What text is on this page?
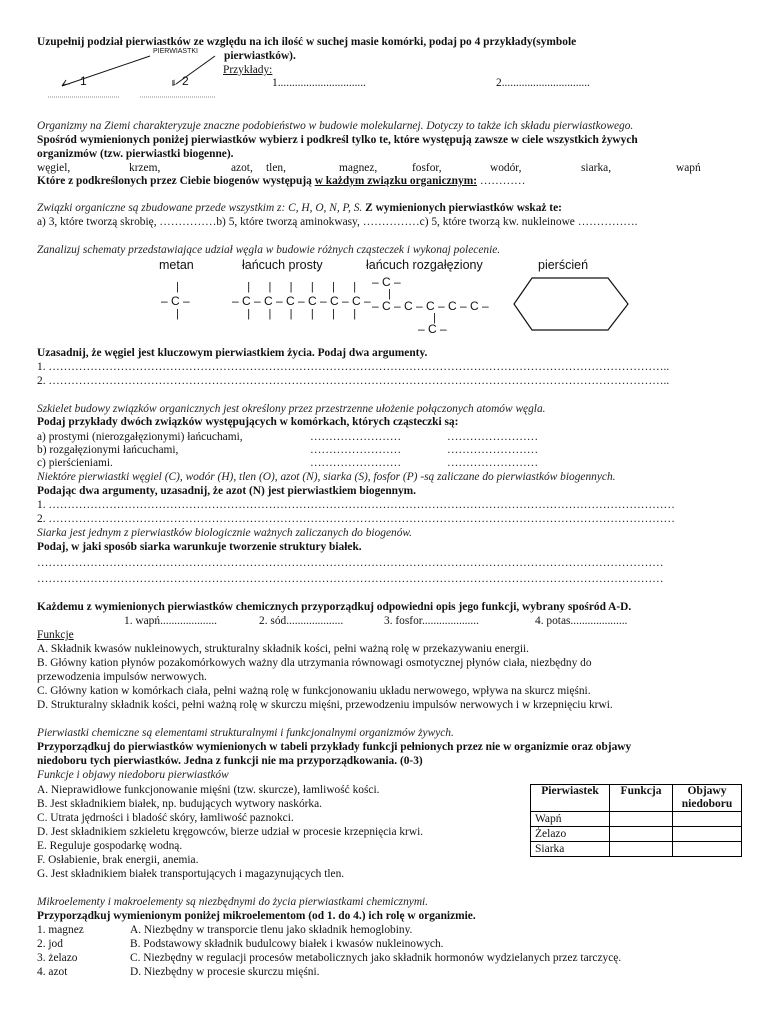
Uzupełnij podział pierwiastków ze względu na ich ilość w suchej masie komórki, podaj po 4 przykłady(symbole
PIERWIASTKI pierwiastków).
← 1	↓ 2
Przykłady:
1...............................	2...............................
Organizmy na Ziemi charakteryzuje znaczne podobieństwo w budowie molekularnej. Dotyczy to także ich składu pierwiastkowego.
Spośród wymienionych poniżej pierwiastków wybierz i podkreśl tylko te, które występują zawsze w ciele wszystkich żywych
organizmów (tzw. pierwiastki biogenne).
węgiel,	krzem,	azot, tlen,	magnez,	fosfor,	wodór,	siarka,	wapń
Które z podkreślonych przez Ciebie biogenów występują w każdym związku organicznym: …………
Związki organiczne są zbudowane przede wszystkim z: C, H, O, N, P, S. Z wymienionych pierwiastków wskaż te:
a) 3, które tworzą skrobię, ……………b) 5, które tworzą aminokwasy, ……………c) 5, które tworzą kw. nukleinowe …………….
Zanalizuj schematy przedstawiające udział węgla w budowie różnych cząsteczek i wykonaj polecenie.
metan	łańcuch prosty	łańcuch rozgałęziony	pierścień
|
– C –
|
|      |      |      |      |      |
– C – C – C – C – C – C –
|      |      |      |      |      |
– C –
|
– C – C – C – C – C –
|
– C –
Uzasadnij, że węgiel jest kluczowym pierwiastkiem życia. Podaj dwa argumenty.
1. ………………………………………………………………………………………………………………………………………………..
2. ………………………………………………………………………………………………………………………………………………..
Szkielet budowy związków organicznych jest określony przez przestrzenne ułożenie połączonych atomów węgla.
Podaj przykłady dwóch związków występujących w komórkach, których cząsteczki są:
a) prostymi (nierozgałęzionymi) łańcuchami,	……………………	……………………
b) rozgałęzionymi łańcuchami,	……………………	……………………
c) pierścieniami.	……………………	……………………
Niektóre pierwiastki węgiel (C), wodór (H), tlen (O), azot (N), siarka (S), fosfor (P) -są zaliczane do pierwiastków biogennych.
Podając dwa argumenty, uzasadnij, że azot (N) jest pierwiastkiem biogennym.
1. …………………………………………………………………………………………………………………………………………………
2. …………………………………………………………………………………………………………………………………………………
Siarka jest jednym z pierwiastków biologicznie ważnych zaliczanych do biogenów.
Podaj, w jaki sposób siarka warunkuje tworzenie struktury białek.
…………………………………………………………………………………………………………………………………………………
…………………………………………………………………………………………………………………………………………………
Każdemu z wymienionych pierwiastków chemicznych przyporządkuj odpowiedni opis jego funkcji, wybrany spośród A-D.
1. wapń....................	2. sód....................	3. fosfor....................	4. potas....................
Funkcje
A. Składnik kwasów nukleinowych, strukturalny składnik kości, pełni ważną rolę w przekazywaniu energii.
B. Główny kation płynów pozakomórkowych ważny dla utrzymania równowagi osmotycznej płynów ciała, niezbędny do
przewodzenia impulsów nerwowych.
C. Główny kation w komórkach ciała, pełni ważną rolę w funkcjonowaniu układu nerwowego, wpływa na skurcz mięśni.
D. Strukturalny składnik kości, pełni ważną rolę w skurczu mięśni, przewodzeniu impulsów nerwowych i w krzepnięciu krwi.
Pierwiastki chemiczne są elementami strukturalnymi i funkcjonalnymi organizmów żywych.
Przyporządkuj do pierwiastków wymienionych w tabeli przykłady funkcji pełnionych przez nie w organizmie oraz objawy
niedoboru tych pierwiastków. Jedna z funkcji nie ma przyporządkowania. (0-3)
Funkcje i objawy niedoboru pierwiastków
A. Nieprawidłowe funkcjonowanie mięśni (tzw. skurcze), łamliwość kości.
B. Jest składnikiem białek, np. budujących wytwory naskórka.
C. Utrata jędrności i bladość skóry, łamliwość paznokci.
D. Jest składnikiem szkieletu kręgowców, bierze udział w procesie krzepnięcia krwi.
E. Reguluje gospodarkę wodną.
F. Osłabienie, brak energii, anemia.
G. Jest składnikiem białek transportujących i magazynujących tlen.
Pierwiastek	Funkcja	Objawy niedoboru
Wapń		
Żelazo		
Siarka		
Mikroelementy i makroelementy są niezbędnymi do życia pierwiastkami chemicznymi.
Przyporządkuj wymienionym poniżej mikroelementom (od 1. do 4.) ich rolę w organizmie.
1. magnez	A. Niezbędny w transporcie tlenu jako składnik hemoglobiny.
2. jod	B. Podstawowy składnik budulcowy białek i kwasów nukleinowych.
3. żelazo	C. Niezbędny w regulacji procesów metabolicznych jako składnik hormonów wydzielanych przez tarczycę.
4. azot	D. Niezbędny w procesie skurczu mięśni.
